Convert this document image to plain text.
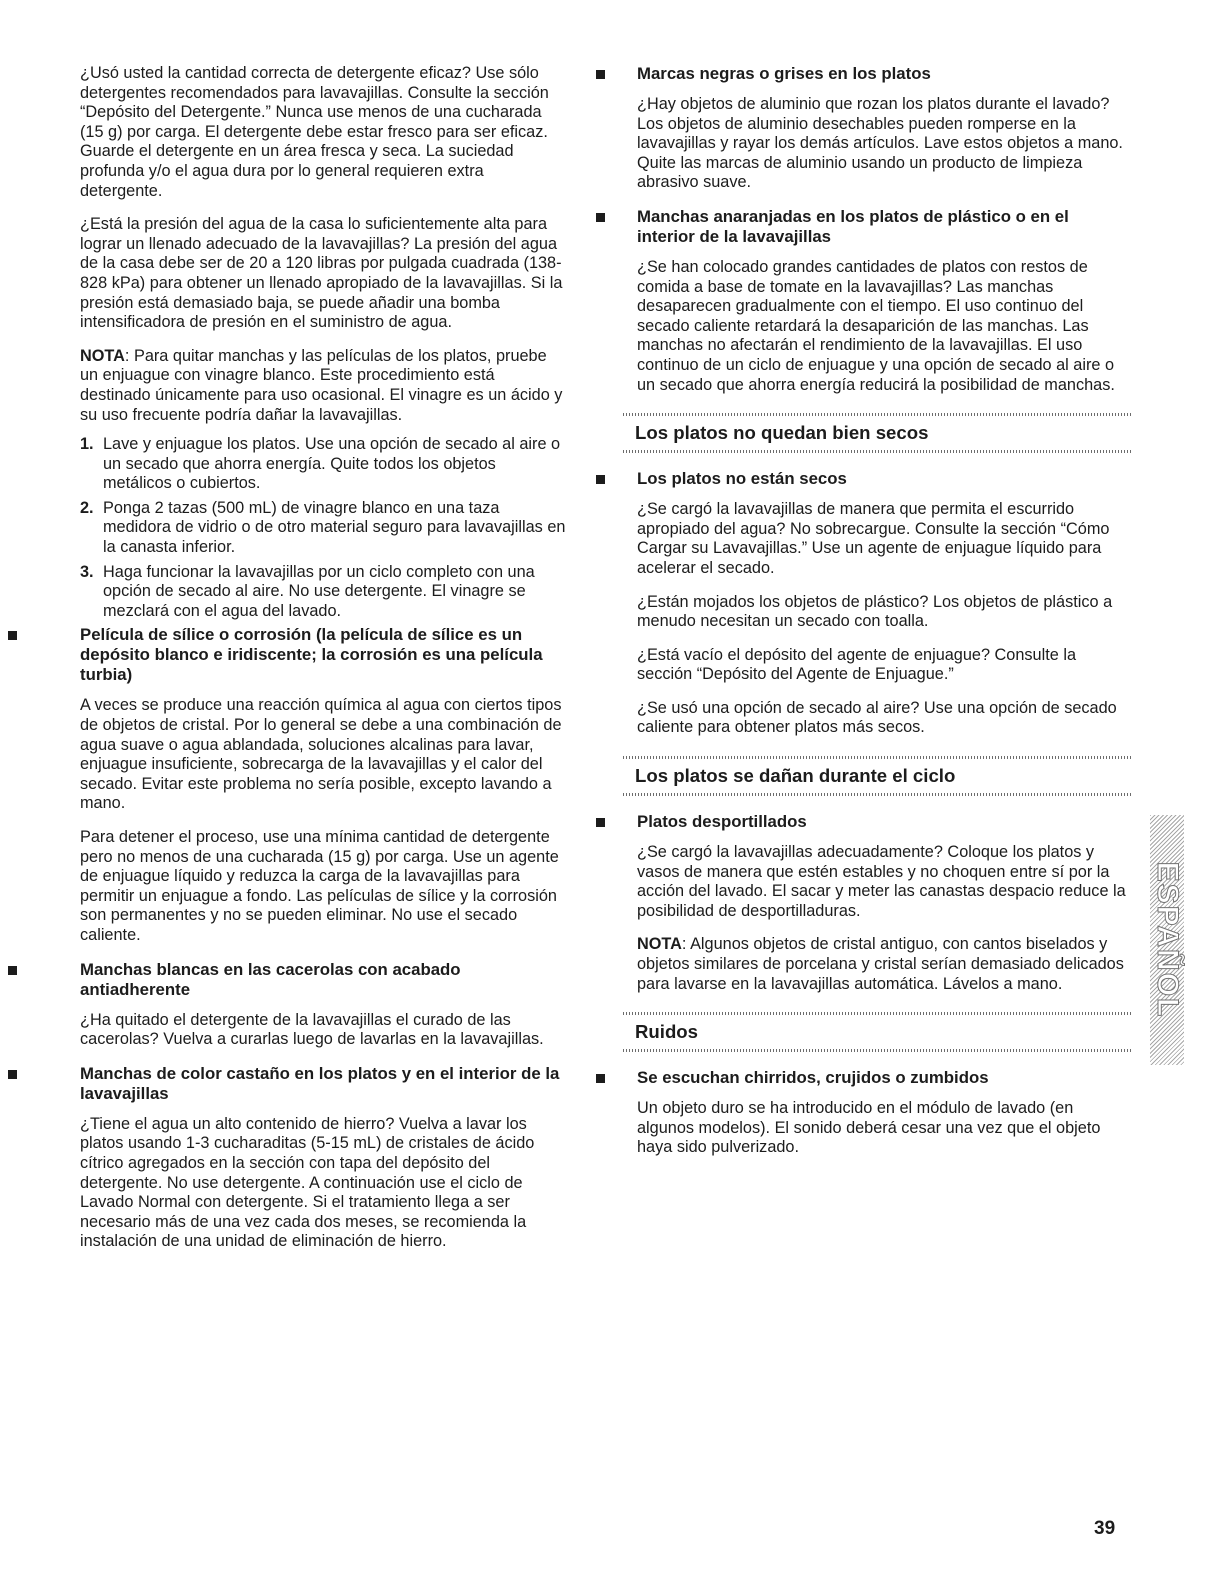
¿Usó usted la cantidad correcta de detergente eficaz? Use sólo detergentes recomendados para lavavajillas. Consulte la sección “Depósito del Detergente.” Nunca use menos de una cucharada (15 g) por carga. El detergente debe estar fresco para ser eficaz. Guarde el detergente en un área fresca y seca. La suciedad profunda y/o el agua dura por lo general requieren extra detergente.

¿Está la presión del agua de la casa lo suficientemente alta para lograr un llenado adecuado de la lavavajillas? La presión del agua de la casa debe ser de 20 a 120 libras por pulgada cuadrada (138-828 kPa) para obtener un llenado apropiado de la lavavajillas. Si la presión está demasiado baja, se puede añadir una bomba intensificadora de presión en el suministro de agua.

NOTA: Para quitar manchas y las películas de los platos, pruebe un enjuague con vinagre blanco. Este procedimiento está destinado únicamente para uso ocasional. El vinagre es un ácido y su uso frecuente podría dañar la lavavajillas.

1. Lave y enjuague los platos. Use una opción de secado al aire o un secado que ahorra energía. Quite todos los objetos metálicos o cubiertos.
2. Ponga 2 tazas (500 mL) de vinagre blanco en una taza medidora de vidrio o de otro material seguro para lavavajillas en la canasta inferior.
3. Haga funcionar la lavavajillas por un ciclo completo con una opción de secado al aire. No use detergente. El vinagre se mezclará con el agua del lavado.
Película de sílice o corrosión (la película de sílice es un depósito blanco e iridiscente; la corrosión es una película turbia)

A veces se produce una reacción química al agua con ciertos tipos de objetos de cristal. Por lo general se debe a una combinación de agua suave o agua ablandada, soluciones alcalinas para lavar, enjuague insuficiente, sobrecarga de la lavavajillas y el calor del secado. Evitar este problema no sería posible, excepto lavando a mano.

Para detener el proceso, use una mínima cantidad de detergente pero no menos de una cucharada (15 g) por carga. Use un agente de enjuague líquido y reduzca la carga de la lavavajillas para permitir un enjuague a fondo. Las películas de sílice y la corrosión son permanentes y no se pueden eliminar. No use el secado caliente.

Manchas blancas en las cacerolas con acabado antiadherente

¿Ha quitado el detergente de la lavavajillas el curado de las cacerolas? Vuelva a curarlas luego de lavarlas en la lavavajillas.

Manchas de color castaño en los platos y en el interior de la lavavajillas

¿Tiene el agua un alto contenido de hierro? Vuelva a lavar los platos usando 1-3 cucharaditas (5-15 mL) de cristales de ácido cítrico agregados en la sección con tapa del depósito del detergente. No use detergente. A continuación use el ciclo de Lavado Normal con detergente. Si el tratamiento llega a ser necesario más de una vez cada dos meses, se recomienda la instalación de una unidad de eliminación de hierro.

Marcas negras o grises en los platos

¿Hay objetos de aluminio que rozan los platos durante el lavado? Los objetos de aluminio desechables pueden romperse en la lavavajillas y rayar los demás artículos. Lave estos objetos a mano. Quite las marcas de aluminio usando un producto de limpieza abrasivo suave.

Manchas anaranjadas en los platos de plástico o en el interior de la lavavajillas

¿Se han colocado grandes cantidades de platos con restos de comida a base de tomate en la lavavajillas? Las manchas desaparecen gradualmente con el tiempo. El uso continuo del secado caliente retardará la desaparición de las manchas. Las manchas no afectarán el rendimiento de la lavavajillas. El uso continuo de un ciclo de enjuague y una opción de secado al aire o un secado que ahorra energía reducirá la posibilidad de manchas.

Los platos no quedan bien secos
Los platos no están secos

¿Se cargó la lavavajillas de manera que permita el escurrido apropiado del agua? No sobrecargue. Consulte la sección “Cómo Cargar su Lavavajillas.” Use un agente de enjuague líquido para acelerar el secado.

¿Están mojados los objetos de plástico? Los objetos de plástico a menudo necesitan un secado con toalla.

¿Está vacío el depósito del agente de enjuague? Consulte la sección “Depósito del Agente de Enjuague.”

¿Se usó una opción de secado al aire? Use una opción de secado caliente para obtener platos más secos.

Los platos se dañan durante el ciclo
Platos desportillados

¿Se cargó la lavavajillas adecuadamente? Coloque los platos y vasos de manera que estén estables y no choquen entre sí por la acción del lavado. El sacar y meter las canastas despacio reduce la posibilidad de desportilladuras.

NOTA: Algunos objetos de cristal antiguo, con cantos biselados y objetos similares de porcelana y cristal serían demasiado delicados para lavarse en la lavavajillas automática. Lávelos a mano.

Ruidos
Se escuchan chirridos, crujidos o zumbidos

Un objeto duro se ha introducido en el módulo de lavado (en algunos modelos). El sonido deberá cesar una vez que el objeto haya sido pulverizado.

ESPAÑOL
39
